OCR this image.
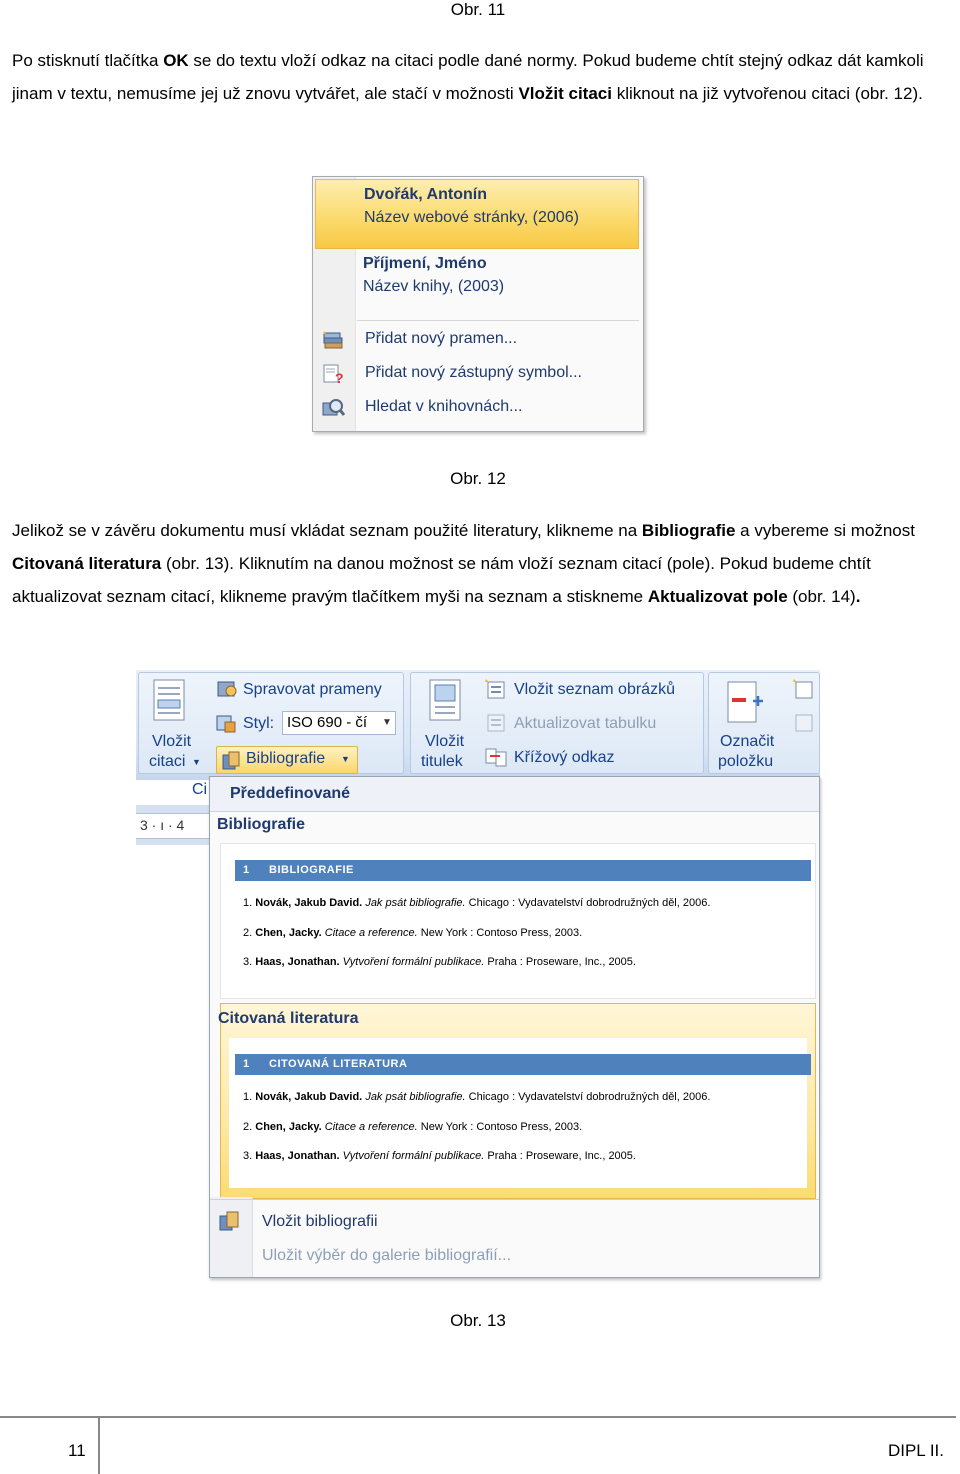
Obr. 11
Po stisknutí tlačítka OK se do textu vloží odkaz na citaci podle dané normy. Pokud budeme chtít stejný odkaz dát kamkoli jinam v textu, nemusíme jej už znovu vytvářet, ale stačí v možnosti Vložit citaci kliknout na již vytvořenou citaci (obr. 12).
Dvořák, Antonín
Název webové stránky, (2006)
Příjmení, Jméno
Název knihy, (2003)
Přidat nový pramen...
? Přidat nový zástupný symbol...
Hledat v knihovnách...
Obr. 12
Jelikož se v závěru dokumentu musí vkládat seznam použité literatury, klikneme na Bibliografie a vybereme si možnost Citovaná literatura (obr. 13). Kliknutím na danou možnost se nám vloží seznam citací (pole). Pokud budeme chtít aktualizovat seznam citací, klikneme pravým tlačítkem myši na seznam a stiskneme Aktualizovat pole (obr. 14).
Vložit
citaci ▼
Spravovat prameny
Styl: ISO 690 - čí	▼
Bibliografie ▼
Ci
Vložit
titulek
Vložit seznam obrázků
Aktualizovat tabulku
Křížový odkaz
Označit
položku
3 · ı · 4
Předdefinované
Bibliografie
1 BIBLIOGRAFIE
1. Novák, Jakub David. Jak psát bibliografie. Chicago : Vydavatelství dobrodružných děl, 2006.
2. Chen, Jacky. Citace a reference. New York : Contoso Press, 2003.
3. Haas, Jonathan. Vytvoření formální publikace. Praha : Proseware, Inc., 2005.
Citovaná literatura
1 CITOVANÁ LITERATURA
1. Novák, Jakub David. Jak psát bibliografie. Chicago : Vydavatelství dobrodružných děl, 2006.
2. Chen, Jacky. Citace a reference. New York : Contoso Press, 2003.
3. Haas, Jonathan. Vytvoření formální publikace. Praha : Proseware, Inc., 2005.
Vložit bibliografii
Uložit výběr do galerie bibliografií...
Obr. 13
11	DIPL II.
